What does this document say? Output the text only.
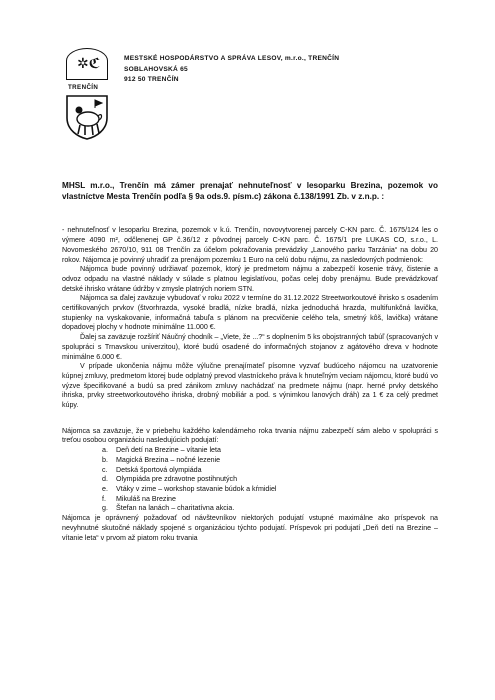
✲ℭ
TRENČÍN
MESTSKÉ HOSPODÁRSTVO A SPRÁVA LESOV, m.r.o., TRENČÍN
SOBLAHOVSKÁ 65
912 50 TRENČÍN

MHSL m.r.o., Trenčín má zámer prenajať nehnuteľnosť v lesoparku Brezina, pozemok vo vlastníctve Mesta Trenčín podľa § 9a ods.9. písm.c) zákona č.138/1991 Zb. v z.n.p. :

- nehnuteľnosť v lesoparku Brezina, pozemok v k.ú. Trenčín, novovytvorenej parcely C-KN parc. Č. 1675/124 les o výmere 4090 m², odčlenenej GP č.36/12 z pôvodnej parcely C-KN parc. Č. 1675/1 pre LUKAS CO, s.r.o., L. Novomeského 2670/10, 911 08 Trenčín za účelom pokračovania prevádzky „Lanového parku Tarzánia“ na dobu 20 rokov. Nájomca je povinný uhradiť za prenájom pozemku 1 Euro na celú dobu nájmu, za nasledovných podmienok:

Nájomca bude povinný udržiavať pozemok, ktorý je predmetom nájmu a zabezpečí kosenie trávy, čistenie a odvoz odpadu na vlastné náklady v súlade s platnou legislatívou, počas celej doby prenájmu. Bude prevádzkovať detské ihrisko vrátane údržby v zmysle platných noriem STN.

Nájomca sa ďalej zaväzuje vybudovať v roku 2022 v termíne do 31.12.2022 Streetworkoutové ihrisko s osadením certifikovaných prvkov (štvorhrazda, vysoké bradlá, nízke bradlá, nízka jednoduchá hrazda, multifunkčná lavička, stupienky na vyskakovanie, informačná tabuľa s plánom na precvičenie celého tela, smetný kôš, lavička) vrátane dopadovej plochy v hodnote minimálne 11.000 €.

Ďalej sa zaväzuje rozšíriť Náučný chodník – „Viete, že ...?“ s doplnením 5 ks obojstranných tabúľ (spracovaných v spolupráci s Trnavskou univerzitou), ktoré budú osadené do informačných stojanov z agátového dreva v hodnote minimálne 6.000 €.

V prípade ukončenia nájmu môže výlučne prenajímateľ písomne vyzvať budúceho nájomcu na uzatvorenie kúpnej zmluvy, predmetom ktorej bude odplatný prevod vlastníckeho práva k hnuteľným veciam nájomcu, ktoré budú vo výzve špecifikované a budú sa pred zánikom zmluvy nachádzať na predmete nájmu (napr. herné prvky detského ihriska, prvky streetworkoutového ihriska, drobný mobiliár a pod. s výnimkou lanových dráh) za 1 € za celý predmet kúpy.

Nájomca sa zaväzuje, že v priebehu každého kalendárneho roka trvania nájmu zabezpečí sám alebo v spolupráci s treťou osobou organizáciu nasledujúcich podujatí:

a. Deň detí na Brezine – vítanie leta
b. Magická Brezina – nočné lezenie
c. Detská športová olympiáda
d. Olympiáda pre zdravotne postihnutých
e. Vtáky v zime – workshop stavanie búdok a kŕmidiel
f. Mikuláš na Brezine
g. Štefan na lanách – charitatívna akcia.

Nájomca je oprávnený požadovať od návštevníkov niektorých podujatí vstupné maximálne ako príspevok na nevyhnutné skutočné náklady spojené s organizáciou týchto podujatí. Príspevok pri podujatí „Deň detí na Brezine – vítanie leta“ v prvom až piatom roku trvania
